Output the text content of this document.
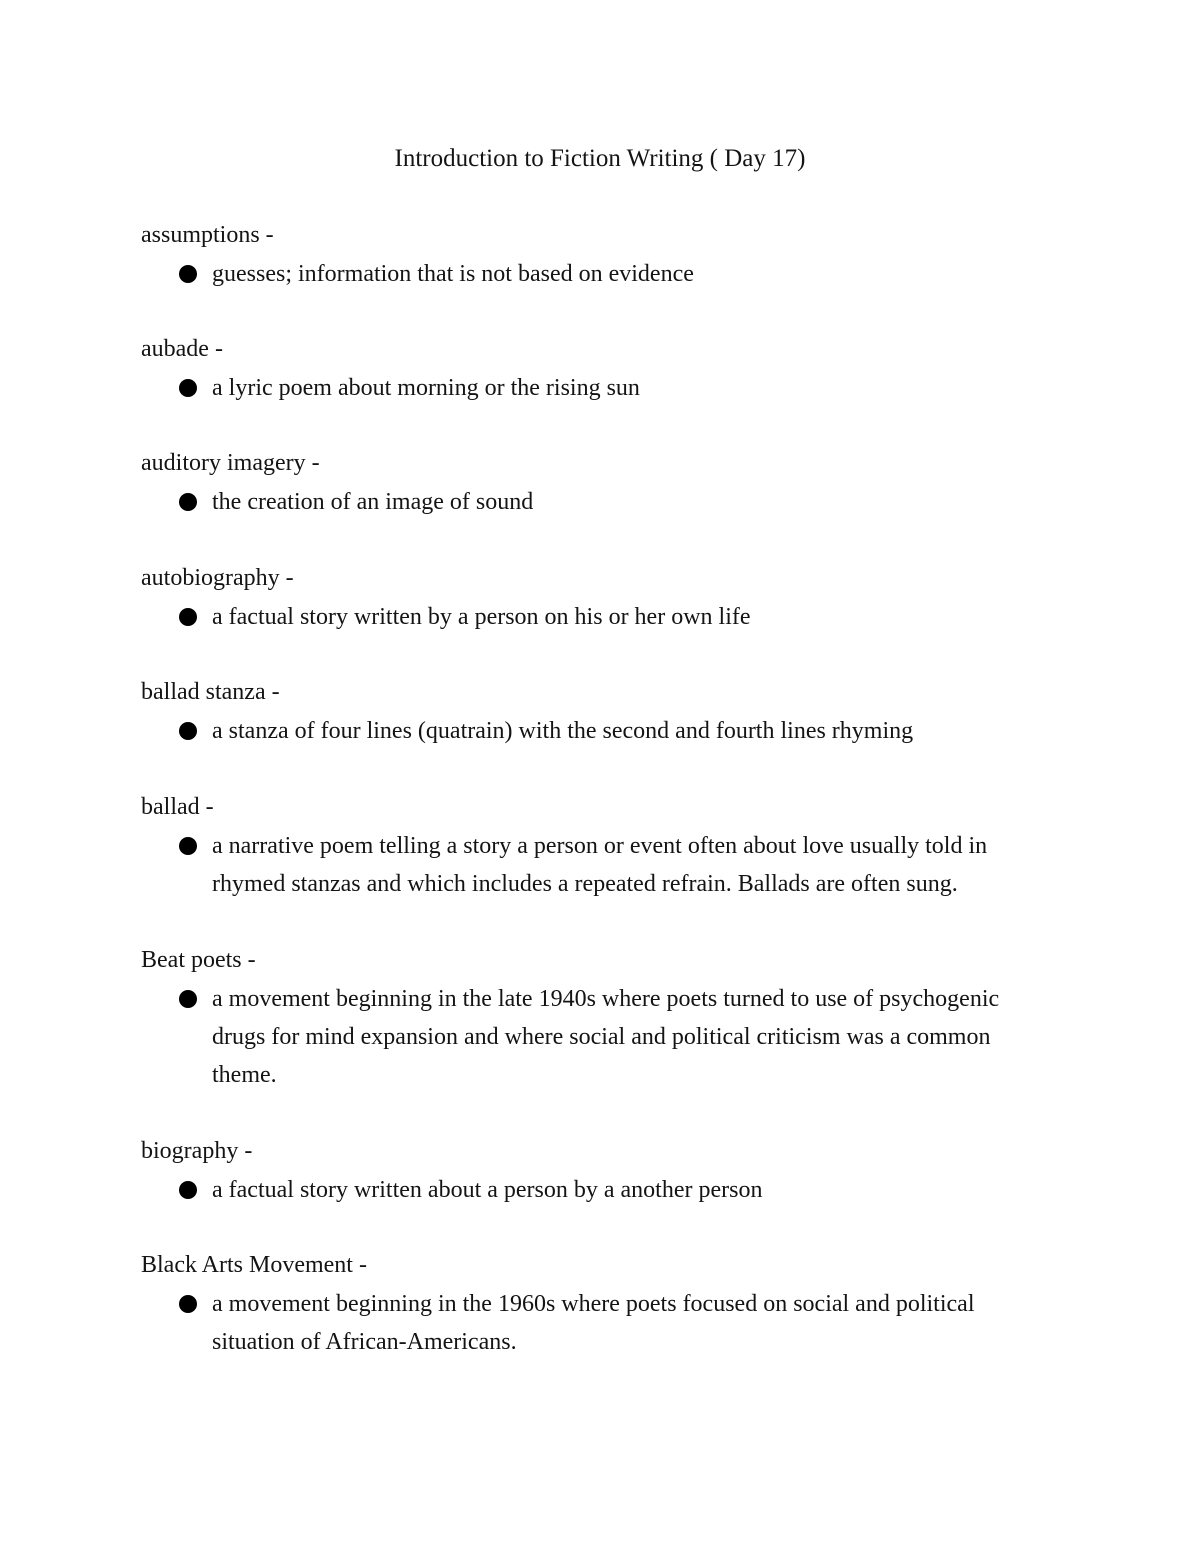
Introduction to Fiction Writing ( Day 17)
assumptions -
guesses; information that is not based on evidence
aubade -
a lyric poem about morning or the rising sun
auditory imagery -
the creation of an image of sound
autobiography -
a factual story written by a person on his or her own life
ballad stanza -
a stanza of four lines (quatrain) with the second and fourth lines rhyming
ballad -
a narrative poem telling a story a person or event often about love usually told in rhymed stanzas and which includes a repeated refrain. Ballads are often sung.
Beat poets -
a movement beginning in the late 1940s where poets turned to use of psychogenic drugs for mind expansion and where social and political criticism was a common theme.
biography -
a factual story written about a person by a another person
Black Arts Movement -
a movement beginning in the 1960s where poets focused on social and political situation of African-Americans.
